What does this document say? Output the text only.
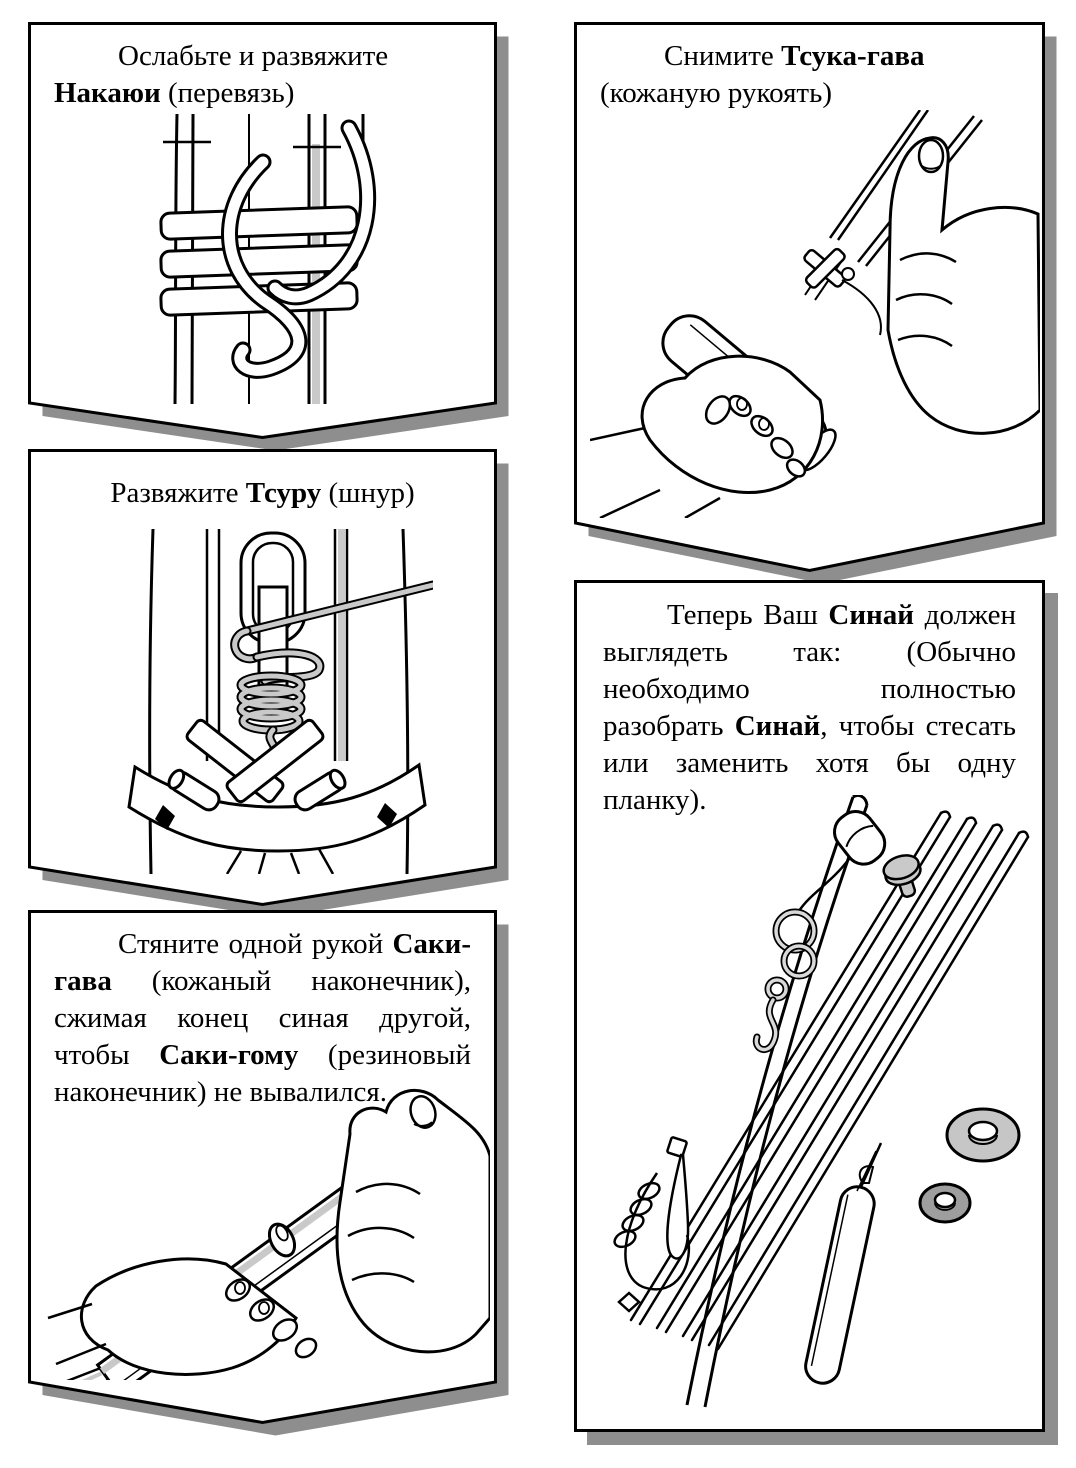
Ослабьте и развяжите
Накаюи (перевязь)
Развяжите Тсуру (шнур)
Стяните одной рукой Саки-гава (кожаный наконечник), сжимая конец синая другой, чтобы Саки-гому (резиновый наконечник) не вывалился.
Снимите Тсука-гава
(кожаную рукоять)
Теперь Ваш Синай должен выглядеть так: (Обычно необходимо полностью разобрать Синай, чтобы стесать или заменить хотя бы одну планку).
